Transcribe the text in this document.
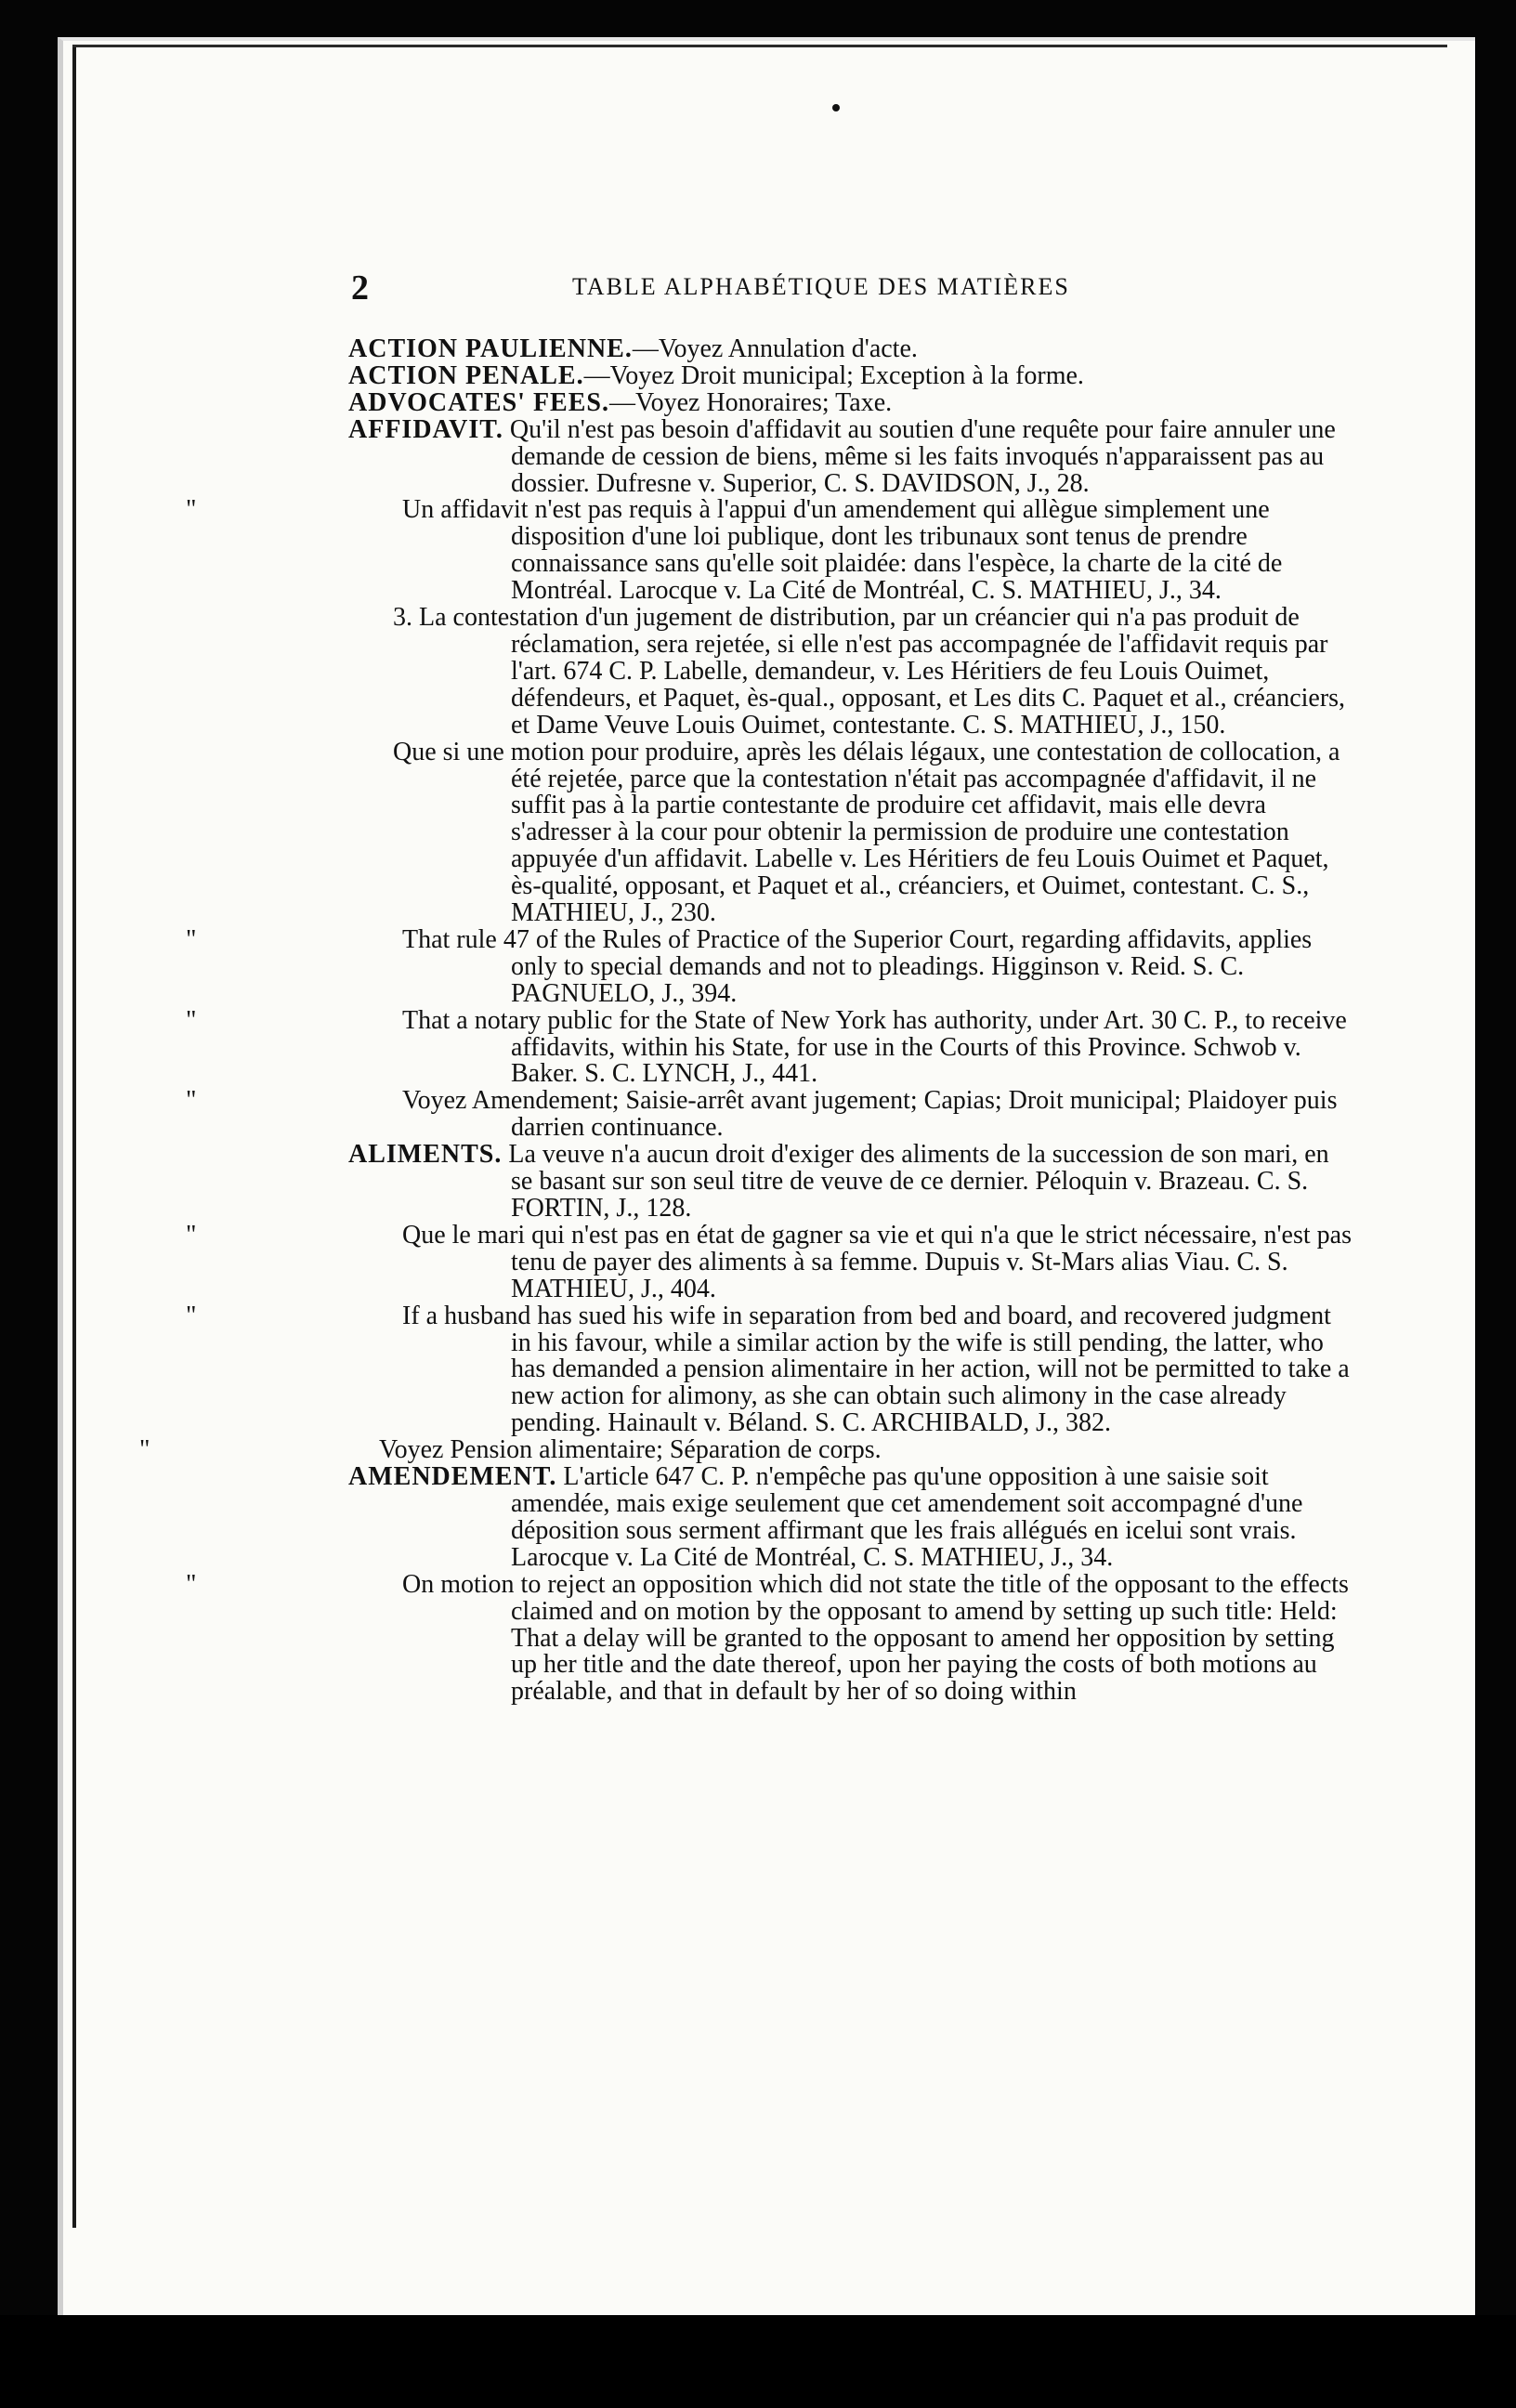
2	TABLE ALPHABÉTIQUE DES MATIÈRES

ACTION PAULIENNE.—Voyez Annulation d'acte.

ACTION PENALE.—Voyez Droit municipal; Exception à la forme.

ADVOCATES' FEES.—Voyez Honoraires; Taxe.

AFFIDAVIT. Qu'il n'est pas besoin d'affidavit au soutien d'une requête pour faire annuler une demande de cession de biens, même si les faits invoqués n'apparaissent pas au dossier. Dufresne v. Superior, C. S. DAVIDSON, J., 28.

"	Un affidavit n'est pas requis à l'appui d'un amendement qui allègue simplement une disposition d'une loi publique, dont les tribunaux sont tenus de prendre connaissance sans qu'elle soit plaidée: dans l'espèce, la charte de la cité de Montréal. Larocque v. La Cité de Montréal, C. S. MATHIEU, J., 34.

3. La contestation d'un jugement de distribution, par un créancier qui n'a pas produit de réclamation, sera rejetée, si elle n'est pas accompagnée de l'affidavit requis par l'art. 674 C. P. Labelle, demandeur, v. Les Héritiers de feu Louis Ouimet, défendeurs, et Paquet, ès-qual., opposant, et Les dits C. Paquet et al., créanciers, et Dame Veuve Louis Ouimet, contestante. C. S. MATHIEU, J., 150.

Que si une motion pour produire, après les délais légaux, une contestation de collocation, a été rejetée, parce que la contestation n'était pas accompagnée d'affidavit, il ne suffit pas à la partie contestante de produire cet affidavit, mais elle devra s'adresser à la cour pour obtenir la permission de produire une contestation appuyée d'un affidavit. Labelle v. Les Héritiers de feu Louis Ouimet et Paquet, ès-qualité, opposant, et Paquet et al., créanciers, et Ouimet, contestant. C. S., MATHIEU, J., 230.

"	That rule 47 of the Rules of Practice of the Superior Court, regarding affidavits, applies only to special demands and not to pleadings. Higginson v. Reid. S. C. PAGNUELO, J., 394.

"	That a notary public for the State of New York has authority, under Art. 30 C. P., to receive affidavits, within his State, for use in the Courts of this Province. Schwob v. Baker. S. C. LYNCH, J., 441.

"	Voyez Amendement; Saisie-arrêt avant jugement; Capias; Droit municipal; Plaidoyer puis darrien continuance.

ALIMENTS. La veuve n'a aucun droit d'exiger des aliments de la succession de son mari, en se basant sur son seul titre de veuve de ce dernier. Péloquin v. Brazeau. C. S. FORTIN, J., 128.

"	Que le mari qui n'est pas en état de gagner sa vie et qui n'a que le strict nécessaire, n'est pas tenu de payer des aliments à sa femme. Dupuis v. St-Mars alias Viau. C. S. MATHIEU, J., 404.

"	If a husband has sued his wife in separation from bed and board, and recovered judgment in his favour, while a similar action by the wife is still pending, the latter, who has demanded a pension alimentaire in her action, will not be permitted to take a new action for alimony, as she can obtain such alimony in the case already pending. Hainault v. Béland. S. C. ARCHIBALD, J., 382.

"	Voyez Pension alimentaire; Séparation de corps.

AMENDEMENT. L'article 647 C. P. n'empêche pas qu'une opposition à une saisie soit amendée, mais exige seulement que cet amendement soit accompagné d'une déposition sous serment affirmant que les frais allégués en icelui sont vrais. Larocque v. La Cité de Montréal, C. S. MATHIEU, J., 34.

"	On motion to reject an opposition which did not state the title of the opposant to the effects claimed and on motion by the opposant to amend by setting up such title: Held: That a delay will be granted to the opposant to amend her opposition by setting up her title and the date thereof, upon her paying the costs of both motions au préalable, and that in default by her of so doing within
